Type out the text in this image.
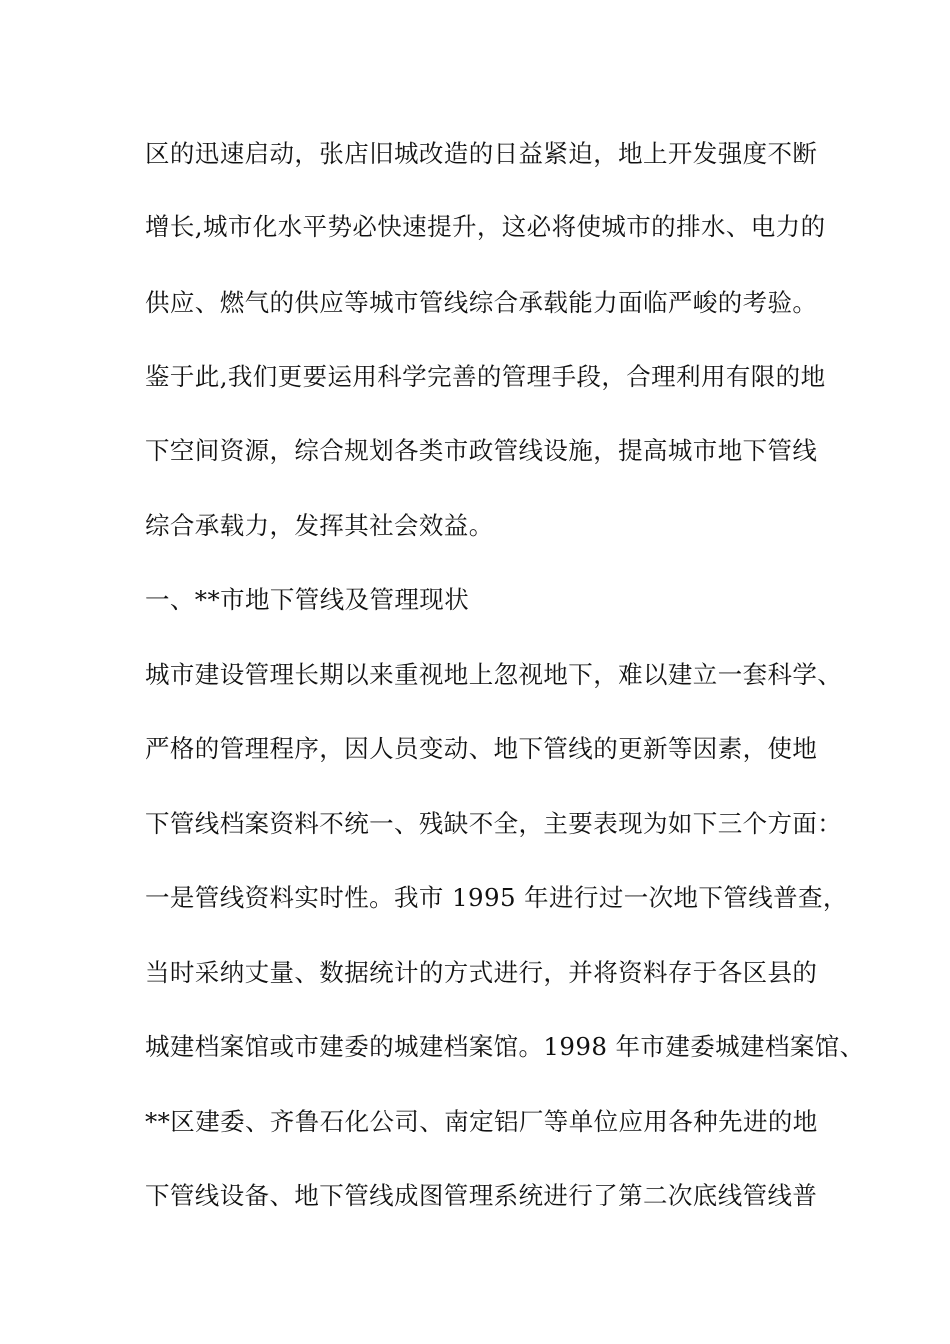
区的迅速启动，张店旧城改造的日益紧迫，地上开发强度不断
增长,城市化水平势必快速提升，这必将使城市的排水、电力的
供应、燃气的供应等城市管线综合承载能力面临严峻的考验。
鉴于此,我们更要运用科学完善的管理手段，合理利用有限的地
下空间资源，综合规划各类市政管线设施，提高城市地下管线
综合承载力，发挥其社会效益。
一、**市地下管线及管理现状
城市建设管理长期以来重视地上忽视地下，难以建立一套科学、
严格的管理程序，因人员变动、地下管线的更新等因素，使地
下管线档案资料不统一、残缺不全，主要表现为如下三个方面：
一是管线资料实时性。我市 1995 年进行过一次地下管线普查，
当时采纳丈量、数据统计的方式进行，并将资料存于各区县的
城建档案馆或市建委的城建档案馆。1998 年市建委城建档案馆、
**区建委、齐鲁石化公司、南定铝厂等单位应用各种先进的地
下管线设备、地下管线成图管理系统进行了第二次底线管线普
